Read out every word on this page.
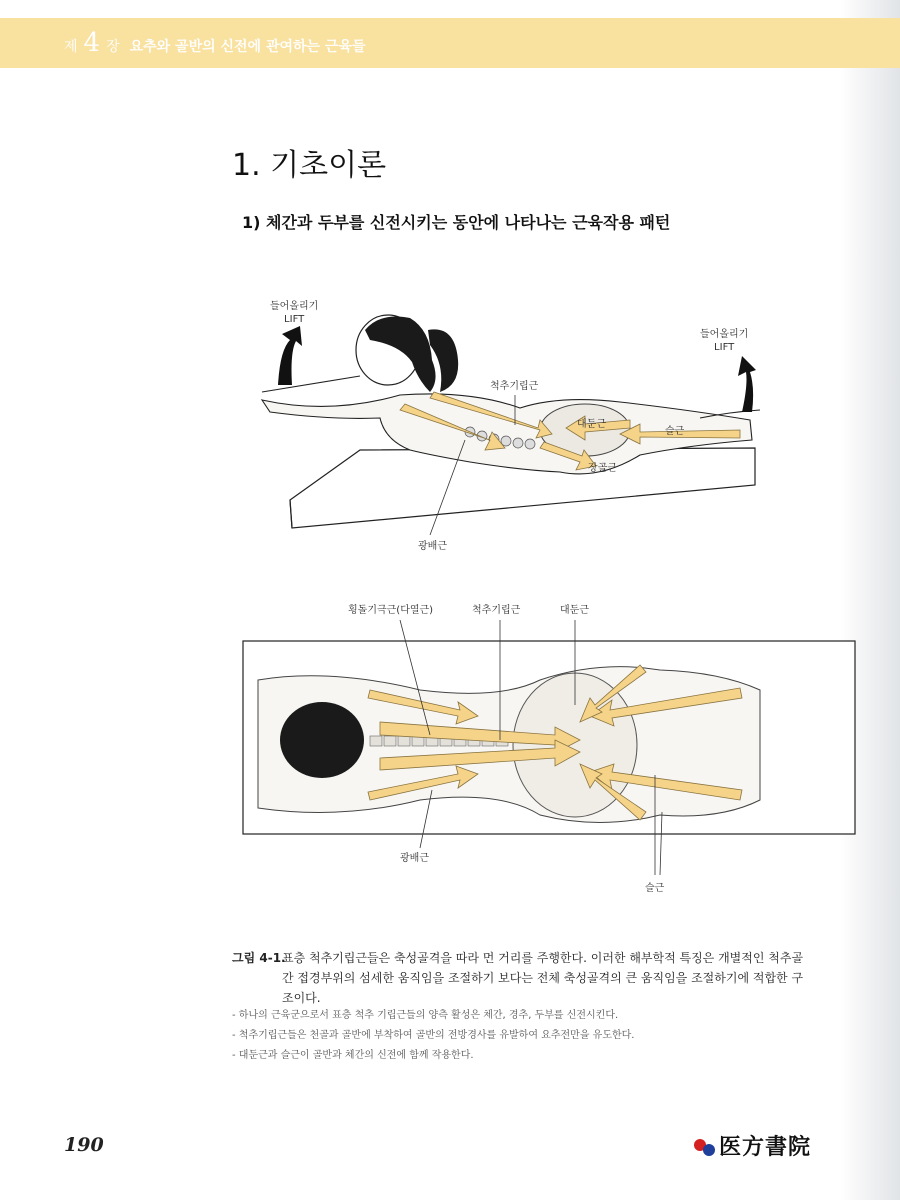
제 4 장 요추와 골반의 신전에 관여하는 근육들
1. 기초이론
1) 체간과 두부를 신전시키는 동안에 나타나는 근육작용 패턴
들어올리기
LIFT
들어올리기
LIFT
척추기립근
대둔근
슬근
장골근
광배근
횡돌기극근(다열근)	척추기립근	대둔근
광배근
슬근
그림 4-1.
표층 척추기립근들은 축성골격을 따라 먼 거리를 주행한다. 이러한 해부학적 특징은 개별적인 척추골간 접경부위의 섬세한 움직임을 조절하기 보다는 전체 축성골격의 큰 움직임을 조절하기에 적합한 구조이다.
- 하나의 근육군으로서 표층 척추 기립근들의 양측 활성은 체간, 경추, 두부를 신전시킨다.
- 척추기립근들은 천골과 골반에 부착하여 골반의 전방경사를 유발하여 요추전만을 유도한다.
- 대둔근과 슬근이 골반과 체간의 신전에 함께 작용한다.
190	医方書院
